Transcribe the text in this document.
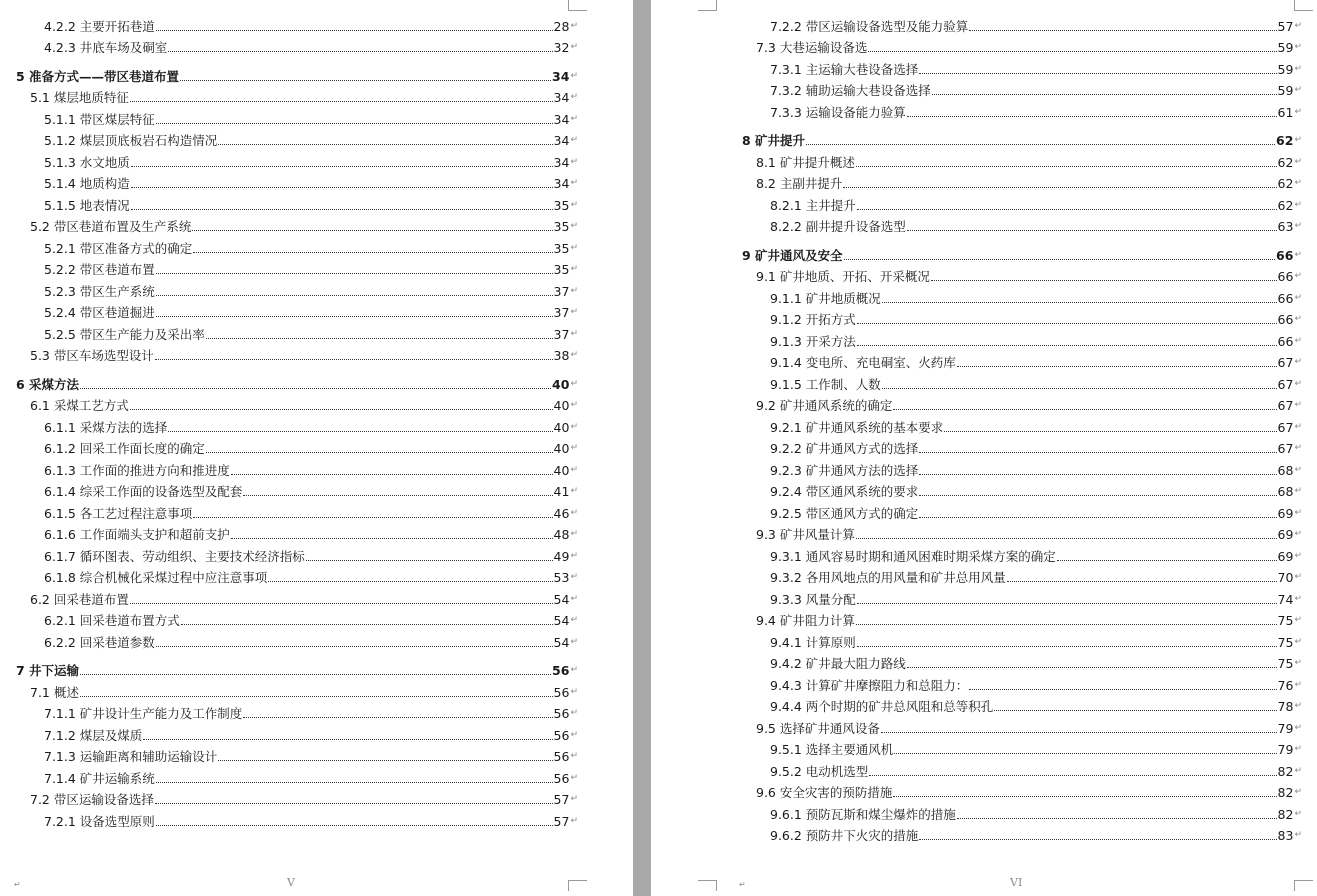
4.2.2 主要开拓巷道	28 ↵
4.2.3 井底车场及硐室	32 ↵
5 准备方式——带区巷道布置	34 ↵
5.1 煤层地质特征	34 ↵
5.1.1 带区煤层特征	34 ↵
5.1.2 煤层顶底板岩石构造情况	34 ↵
5.1.3 水文地质	34 ↵
5.1.4 地质构造	34 ↵
5.1.5 地表情况	35 ↵
5.2 带区巷道布置及生产系统	35 ↵
5.2.1 带区准备方式的确定	35 ↵
5.2.2 带区巷道布置	35 ↵
5.2.3 带区生产系统	37 ↵
5.2.4 带区巷道掘进	37 ↵
5.2.5 带区生产能力及采出率	37 ↵
5.3 带区车场选型设计	38 ↵
6 采煤方法	40 ↵
6.1 采煤工艺方式	40 ↵
6.1.1 采煤方法的选择	40 ↵
6.1.2 回采工作面长度的确定	40 ↵
6.1.3 工作面的推进方向和推进度	40 ↵
6.1.4 综采工作面的设备选型及配套	41 ↵
6.1.5 各工艺过程注意事项	46 ↵
6.1.6 工作面端头支护和超前支护	48 ↵
6.1.7 循环图表、劳动组织、主要技术经济指标	49 ↵
6.1.8 综合机械化采煤过程中应注意事项	53 ↵
6.2 回采巷道布置	54 ↵
6.2.1 回采巷道布置方式	54 ↵
6.2.2 回采巷道参数	54 ↵
7 井下运输	56 ↵
7.1 概述	56 ↵
7.1.1 矿井设计生产能力及工作制度	56 ↵
7.1.2 煤层及煤质	56 ↵
7.1.3 运输距离和辅助运输设计	56 ↵
7.1.4 矿井运输系统	56 ↵
7.2 带区运输设备选择	57 ↵
7.2.1 设备选型原则	57 ↵
V
↵
7.2.2 带区运输设备选型及能力验算	57 ↵
7.3 大巷运输设备选	59 ↵
7.3.1 主运输大巷设备选择	59 ↵
7.3.2 辅助运输大巷设备选择	59 ↵
7.3.3 运输设备能力验算	61 ↵
8 矿井提升	62 ↵
8.1 矿井提升概述	62 ↵
8.2 主副井提升	62 ↵
8.2.1 主井提升	62 ↵
8.2.2 副井提升设备选型	63 ↵
9 矿井通风及安全	66 ↵
9.1 矿井地质、开拓、开采概况	66 ↵
9.1.1 矿井地质概况	66 ↵
9.1.2 开拓方式	66 ↵
9.1.3 开采方法	66 ↵
9.1.4 变电所、充电硐室、火药库	67 ↵
9.1.5 工作制、人数	67 ↵
9.2 矿井通风系统的确定	67 ↵
9.2.1 矿井通风系统的基本要求	67 ↵
9.2.2 矿井通风方式的选择	67 ↵
9.2.3 矿井通风方法的选择	68 ↵
9.2.4 带区通风系统的要求	68 ↵
9.2.5 带区通风方式的确定	69 ↵
9.3 矿井风量计算	69 ↵
9.3.1 通风容易时期和通风困难时期采煤方案的确定	69 ↵
9.3.2 各用风地点的用风量和矿井总用风量	70 ↵
9.3.3 风量分配	74 ↵
9.4 矿井阻力计算	75 ↵
9.4.1 计算原则	75 ↵
9.4.2 矿井最大阻力路线	75 ↵
9.4.3 计算矿井摩擦阻力和总阻力：	76 ↵
9.4.4 两个时期的矿井总风阻和总等积孔	78 ↵
9.5 选择矿井通风设备	79 ↵
9.5.1 选择主要通风机	79 ↵
9.5.2 电动机选型	82 ↵
9.6 安全灾害的预防措施	82 ↵
9.6.1 预防瓦斯和煤尘爆炸的措施	82 ↵
9.6.2 预防井下火灾的措施	83 ↵
VI
↵
